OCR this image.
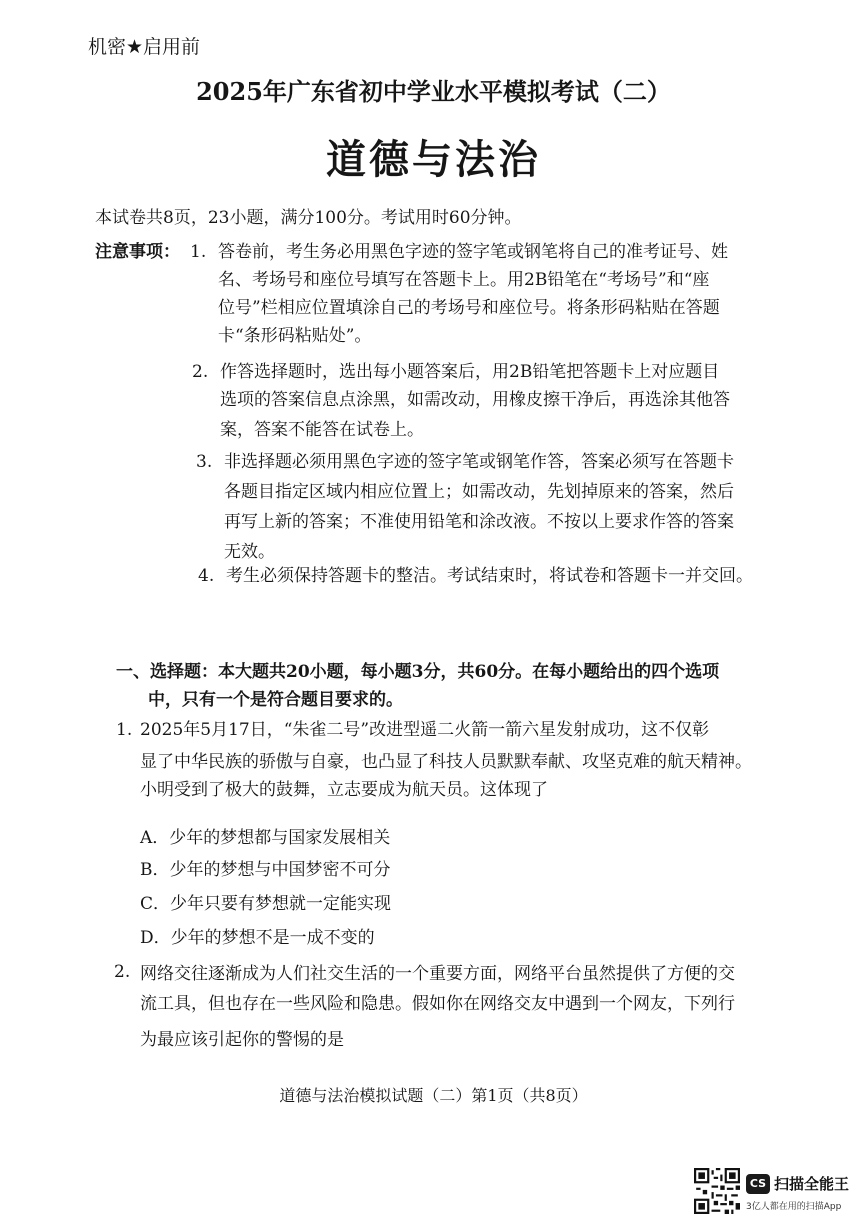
机密★启用前
2025年广东省初中学业水平模拟考试（二）
道德与法治
本试卷共8页，23小题，满分100分。考试用时60分钟。
注意事项： 1. 答卷前，考生务必用黑色字迹的签字笔或钢笔将自己的准考证号、姓
名、考场号和座位号填写在答题卡上。用2B铅笔在“考场号”和“座
位号”栏相应位置填涂自己的考场号和座位号。将条形码粘贴在答题
卡“条形码粘贴处”。
2. 作答选择题时，选出每小题答案后，用2B铅笔把答题卡上对应题目
选项的答案信息点涂黑，如需改动，用橡皮擦干净后，再选涂其他答
案，答案不能答在试卷上。
3. 非选择题必须用黑色字迹的签字笔或钢笔作答，答案必须写在答题卡
各题目指定区域内相应位置上；如需改动，先划掉原来的答案，然后
再写上新的答案；不准使用铅笔和涂改液。不按以上要求作答的答案
无效。
4. 考生必须保持答题卡的整洁。考试结束时，将试卷和答题卡一并交回。
一、选择题：本大题共20小题，每小题3分，共60分。在每小题给出的四个选项
中，只有一个是符合题目要求的。
1. 2025年5月17日，“朱雀二号”改进型遥二火箭一箭六星发射成功，这不仅彰
显了中华民族的骄傲与自豪，也凸显了科技人员默默奉献、攻坚克难的航天精神。
小明受到了极大的鼓舞，立志要成为航天员。这体现了
A．少年的梦想都与国家发展相关
B．少年的梦想与中国梦密不可分
C．少年只要有梦想就一定能实现
D．少年的梦想不是一成不变的
2. 网络交往逐渐成为人们社交生活的一个重要方面，网络平台虽然提供了方便的交
流工具，但也存在一些风险和隐患。假如你在网络交友中遇到一个网友，下列行
为最应该引起你的警惕的是
道德与法治模拟试题（二）第1页（共8页）
CS 扫描全能王
3亿人都在用的扫描App
